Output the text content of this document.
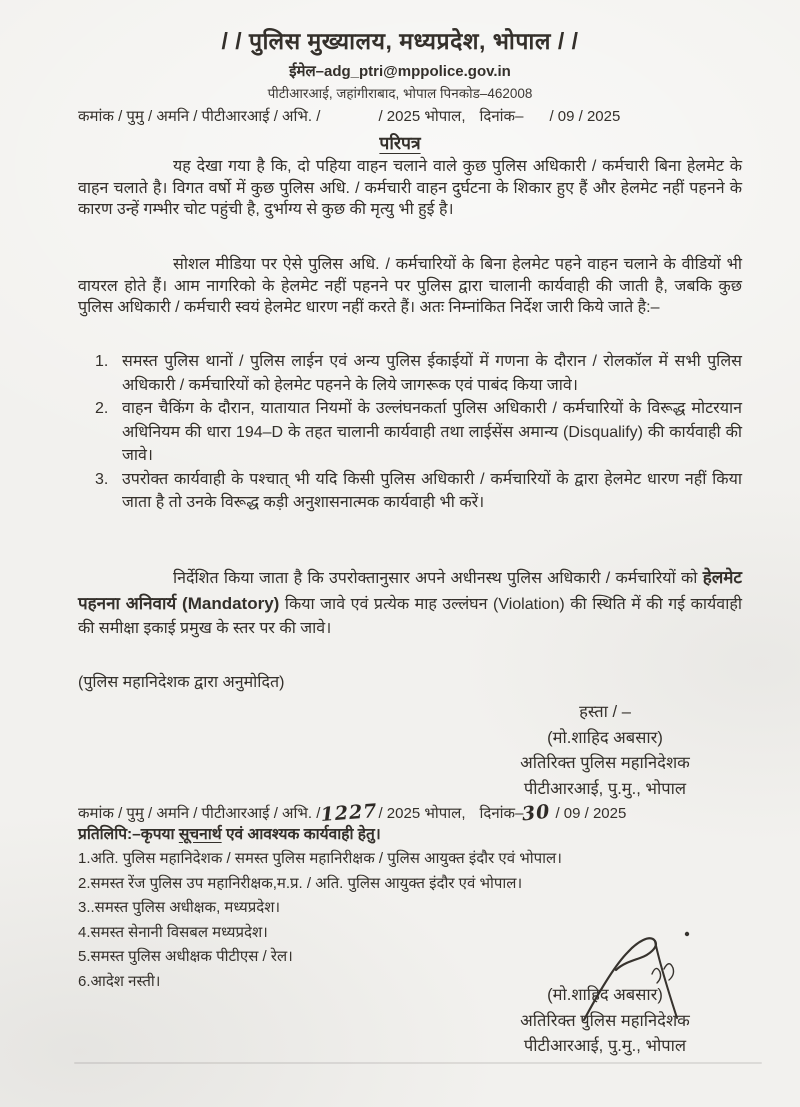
/ / पुलिस मुख्यालय, मध्यप्रदेश, भोपाल / /
ईमेल–adg_ptri@mppolice.gov.in
पीटीआरआई, जहांगीराबाद, भोपाल पिनकोड–462008
कमांक / पुमु / अमनि / पीटीआरआई / अभि. /	/ 2025 भोपाल, दिनांक– / 09 / 2025
परिपत्र
यह देखा गया है कि, दो पहिया वाहन चलाने वाले कुछ पुलिस अधिकारी / कर्मचारी बिना हेलमेट के वाहन चलाते है। विगत वर्षो में कुछ पुलिस अधि. / कर्मचारी वाहन दुर्घटना के शिकार हुए हैं और हेलमेट नहीं पहनने के कारण उन्हें गम्भीर चोट पहुंची है, दुर्भाग्य से कुछ की मृत्यु भी हुई है।
सोशल मीडिया पर ऐसे पुलिस अधि. / कर्मचारियों के बिना हेलमेट पहने वाहन चलाने के वीडियों भी वायरल होते हैं। आम नागरिको के हेलमेट नहीं पहनने पर पुलिस द्वारा चालानी कार्यवाही की जाती है, जबकि कुछ पुलिस अधिकारी / कर्मचारी स्वयं हेलमेट धारण नहीं करते हैं। अतः निम्नांकित निर्देश जारी किये जाते है:–
1. समस्त पुलिस थानों / पुलिस लाईन एवं अन्य पुलिस ईकाईयों में गणना के दौरान / रोलकॉल में सभी पुलिस अधिकारी / कर्मचारियों को हेलमेट पहनने के लिये जागरूक एवं पाबंद किया जावे।
2. वाहन चैकिंग के दौरान, यातायात नियमों के उल्लंघनकर्ता पुलिस अधिकारी / कर्मचारियों के विरूद्ध मोटरयान अधिनियम की धारा 194–D के तहत चालानी कार्यवाही तथा लाईसेंस अमान्य (Disqualify) की कार्यवाही की जावे।
3. उपरोक्त कार्यवाही के पश्चात् भी यदि किसी पुलिस अधिकारी / कर्मचारियों के द्वारा हेलमेट धारण नहीं किया जाता है तो उनके विरूद्ध कड़ी अनुशासनात्मक कार्यवाही भी करें।
निर्देशित किया जाता है कि उपरोक्तानुसार अपने अधीनस्थ पुलिस अधिकारी / कर्मचारियों को हेलमेट पहनना अनिवार्य (Mandatory) किया जावे एवं प्रत्येक माह उल्लंघन (Violation) की स्थिति में की गई कार्यवाही की समीक्षा इकाई प्रमुख के स्तर पर की जावे।
(पुलिस महानिदेशक द्वारा अनुमोदित)
हस्ता / –
(मो.शाहिद अबसार)
अतिरिक्त पुलिस महानिदेशक
पीटीआरआई, पु.मु., भोपाल
कमांक / पुमु / अमनि / पीटीआरआई / अभि. / 1227 / 2025 भोपाल, दिनांक–
30 / 09 / 2025
प्रतिलिपि:–कृपया सूचनार्थ एवं आवश्यक कार्यवाही हेतु।
1.अति. पुलिस महानिदेशक / समस्त पुलिस महानिरीक्षक / पुलिस आयुक्त इंदौर एवं भोपाल।
2.समस्त रेंज पुलिस उप महानिरीक्षक,म.प्र. / अति. पुलिस आयुक्त इंदौर एवं भोपाल।
3..समस्त पुलिस अधीक्षक, मध्यप्रदेश।
4.समस्त सेनानी विसबल मध्यप्रदेश।
5.समस्त पुलिस अधीक्षक पीटीएस / रेल।
6.आदेश नस्ती।
(मो.शाहिद अबसार)
अतिरिक्त पुलिस महानिदेशक
पीटीआरआई, पु.मु., भोपाल
